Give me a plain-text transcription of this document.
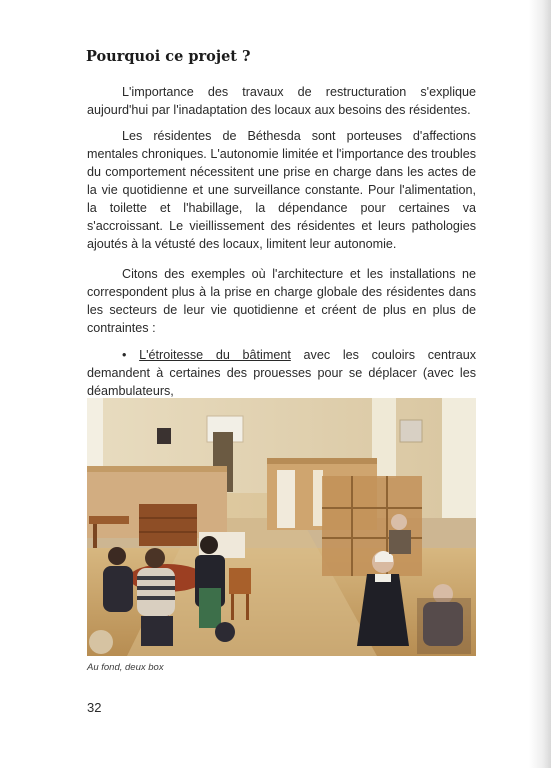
Pourquoi ce projet ?

L'importance des travaux de restructuration s'explique aujourd'hui par l'inadaptation des locaux aux besoins des résidentes.

Les résidentes de Béthesda sont porteuses d'affections mentales chroniques. L'autonomie limitée et l'importance des troubles du comportement nécessitent une prise en charge dans les actes de la vie quotidienne et une surveillance constante. Pour l'alimentation, la toilette et l'habillage, la dépendance pour certaines va s'accroissant. Le vieillissement des résidentes et leurs pathologies ajoutés à la vétusté des locaux, limitent leur autonomie.

Citons des exemples où l'architecture et les installations ne correspondent plus à la prise en charge globale des résidentes dans les secteurs de leur vie quotidienne et créent de plus en plus de contraintes :

• L'étroitesse du bâtiment avec les couloirs centraux demandent à certaines des prouesses pour se déplacer (avec les déambulateurs,

Au fond, deux box

32
